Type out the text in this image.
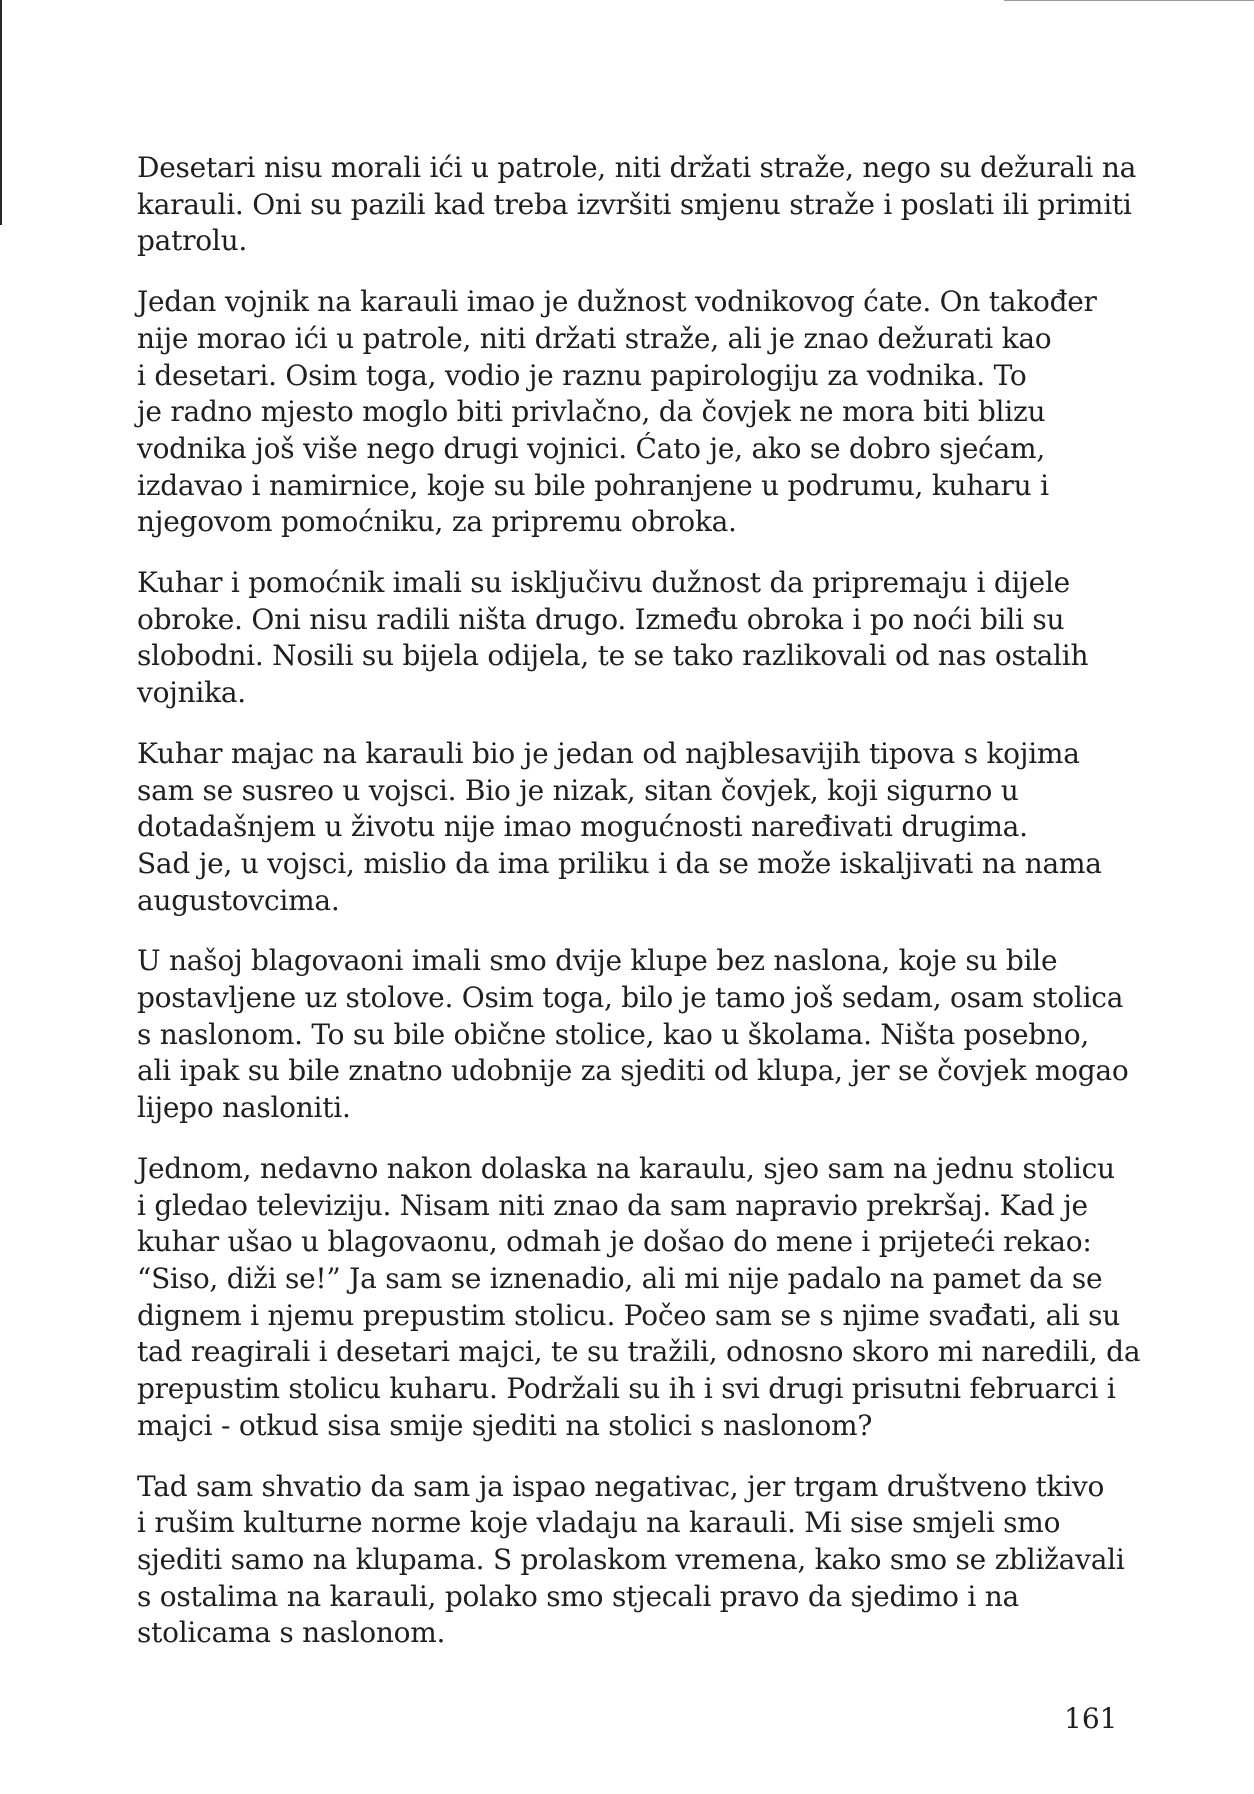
Desetari nisu morali ići u patrole, niti držati straže, nego su dežurali na
karauli. Oni su pazili kad treba izvršiti smjenu straže i poslati ili primiti
patrolu.

Jedan vojnik na karauli imao je dužnost vodnikovog ćate. On također
nije morao ići u patrole, niti držati straže, ali je znao dežurati kao
i desetari. Osim toga, vodio je raznu papirologiju za vodnika. To
je radno mjesto moglo biti privlačno, da čovjek ne mora biti blizu
vodnika još više nego drugi vojnici. Ćato je, ako se dobro sjećam,
izdavao i namirnice, koje su bile pohranjene u podrumu, kuharu i
njegovom pomoćniku, za pripremu obroka.

Kuhar i pomoćnik imali su isključivu dužnost da pripremaju i dijele
obroke. Oni nisu radili ništa drugo. Između obroka i po noći bili su
slobodni. Nosili su bijela odijela, te se tako razlikovali od nas ostalih
vojnika.

Kuhar majac na karauli bio je jedan od najblesavijih tipova s kojima
sam se susreo u vojsci. Bio je nizak, sitan čovjek, koji sigurno u
dotadašnjem u životu nije imao mogućnosti naređivati drugima.
Sad je, u vojsci, mislio da ima priliku i da se može iskaljivati na nama
augustovcima.

U našoj blagovaoni imali smo dvije klupe bez naslona, koje su bile
postavljene uz stolove. Osim toga, bilo je tamo još sedam, osam stolica
s naslonom. To su bile obične stolice, kao u školama. Ništa posebno,
ali ipak su bile znatno udobnije za sjediti od klupa, jer se čovjek mogao
lijepo nasloniti.

Jednom, nedavno nakon dolaska na karaulu, sjeo sam na jednu stolicu
i gledao televiziju. Nisam niti znao da sam napravio prekršaj. Kad je
kuhar ušao u blagovaonu, odmah je došao do mene i prijeteći rekao:
“Siso, diži se!” Ja sam se iznenadio, ali mi nije padalo na pamet da se
dignem i njemu prepustim stolicu. Počeo sam se s njime svađati, ali su
tad reagirali i desetari majci, te su tražili, odnosno skoro mi naredili, da
prepustim stolicu kuharu. Podržali su ih i svi drugi prisutni februarci i
majci - otkud sisa smije sjediti na stolici s naslonom?

Tad sam shvatio da sam ja ispao negativac, jer trgam društveno tkivo
i rušim kulturne norme koje vladaju na karauli. Mi sise smjeli smo
sjediti samo na klupama. S prolaskom vremena, kako smo se zbližavali
s ostalima na karauli, polako smo stjecali pravo da sjedimo i na
stolicama s naslonom.

161
